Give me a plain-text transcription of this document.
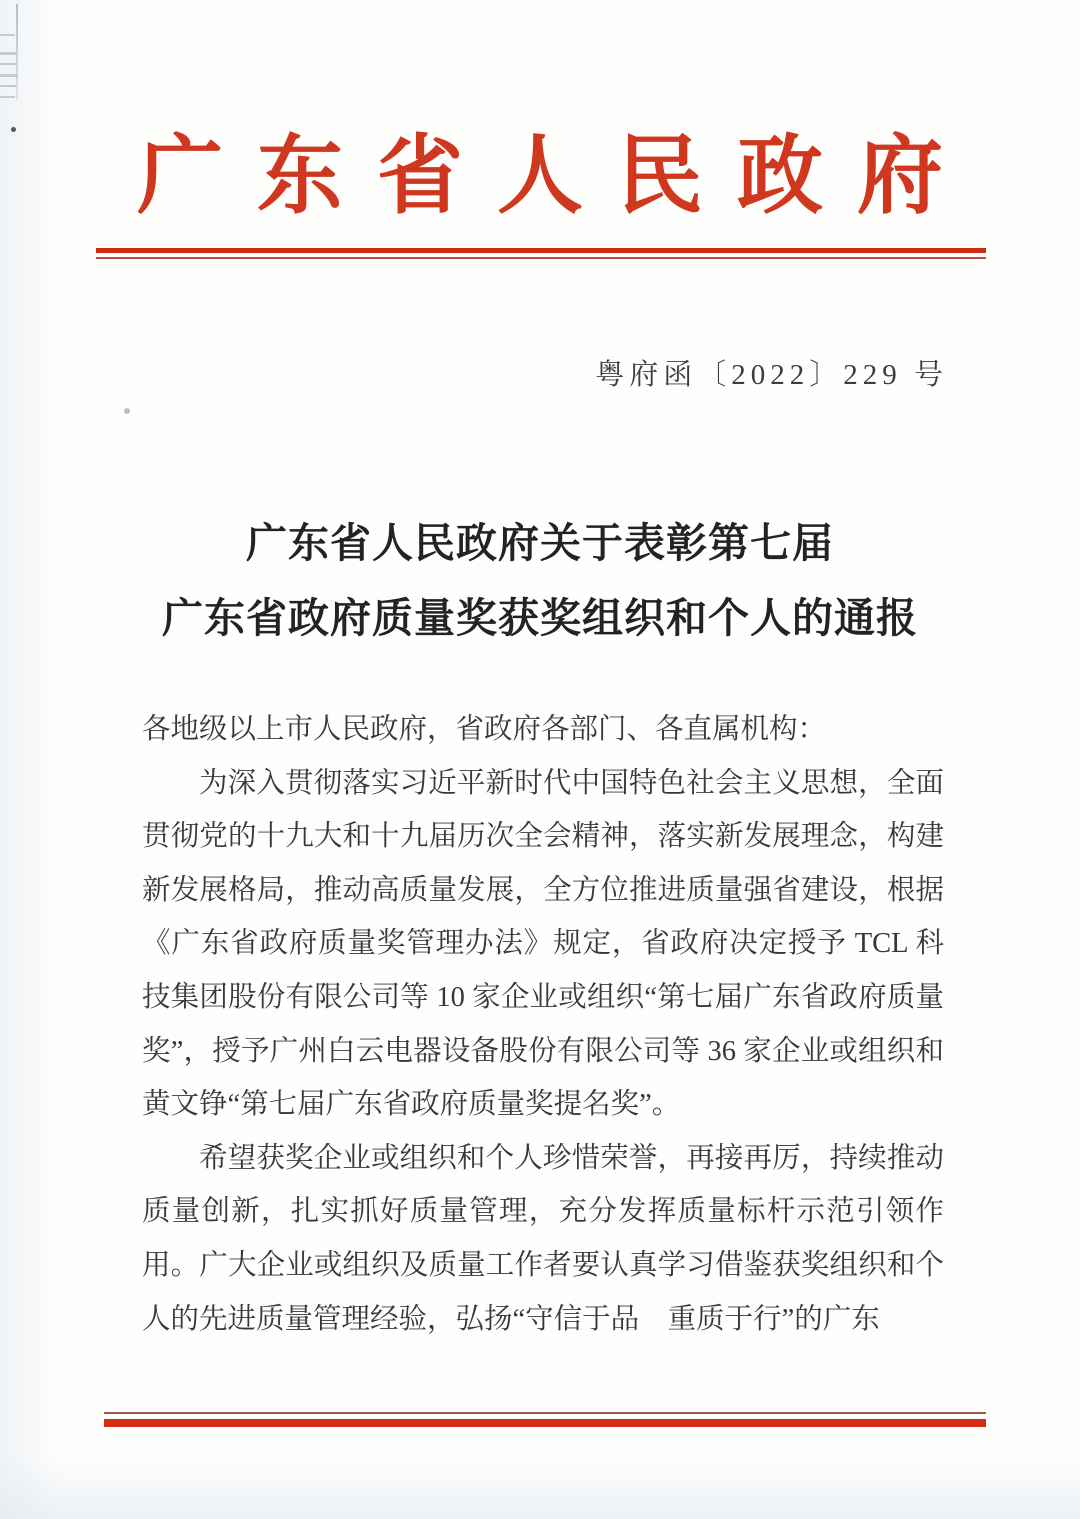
广东省人民政府
粤府函〔2022〕229 号
广东省人民政府关于表彰第七届
广东省政府质量奖获奖组织和个人的通报

各地级以上市人民政府，省政府各部门、各直属机构：

为深入贯彻落实习近平新时代中国特色社会主义思想，全面贯彻党的十九大和十九届历次全会精神，落实新发展理念，构建新发展格局，推动高质量发展，全方位推进质量强省建设，根据《广东省政府质量奖管理办法》规定，省政府决定授予 TCL 科技集团股份有限公司等 10 家企业或组织“第七届广东省政府质量奖”，授予广州白云电器设备股份有限公司等 36 家企业或组织和黄文铮“第七届广东省政府质量奖提名奖”。

希望获奖企业或组织和个人珍惜荣誉，再接再厉，持续推动质量创新，扎实抓好质量管理，充分发挥质量标杆示范引领作用。广大企业或组织及质量工作者要认真学习借鉴获奖组织和个人的先进质量管理经验，弘扬“守信于品　重质于行”的广东
